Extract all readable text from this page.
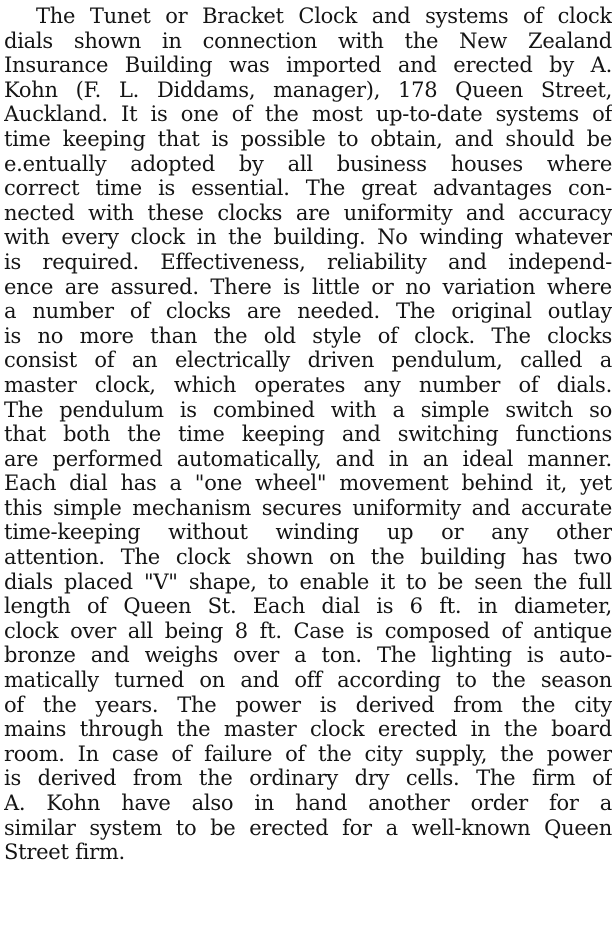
The Tunet or Bracket Clock and systems of clock
dials shown in connection with the New Zealand
Insurance Building was imported and erected by A.
Kohn (F. L. Diddams, manager), 178 Queen Street,
Auckland. It is one of the most up-to-date systems of
time keeping that is possible to obtain, and should be
e.entually adopted by all business houses where
correct time is essential. The great advantages con-
nected with these clocks are uniformity and accuracy
with every clock in the building. No winding whatever
is required. Effectiveness, reliability and independ-
ence are assured. There is little or no variation where
a number of clocks are needed. The original outlay
is no more than the old style of clock. The clocks
consist of an electrically driven pendulum, called a
master clock, which operates any number of dials.
The pendulum is combined with a simple switch so
that both the time keeping and switching functions
are performed automatically, and in an ideal manner.
Each dial has a "one wheel" movement behind it, yet
this simple mechanism secures uniformity and accurate
time-keeping without winding up or any other
attention. The clock shown on the building has two
dials placed "V" shape, to enable it to be seen the full
length of Queen St. Each dial is 6 ft. in diameter,
clock over all being 8 ft. Case is composed of antique
bronze and weighs over a ton. The lighting is auto-
matically turned on and off according to the season
of the years. The power is derived from the city
mains through the master clock erected in the board
room. In case of failure of the city supply, the power
is derived from the ordinary dry cells. The firm of
A. Kohn have also in hand another order for a
similar system to be erected for a well-known Queen
Street firm.
